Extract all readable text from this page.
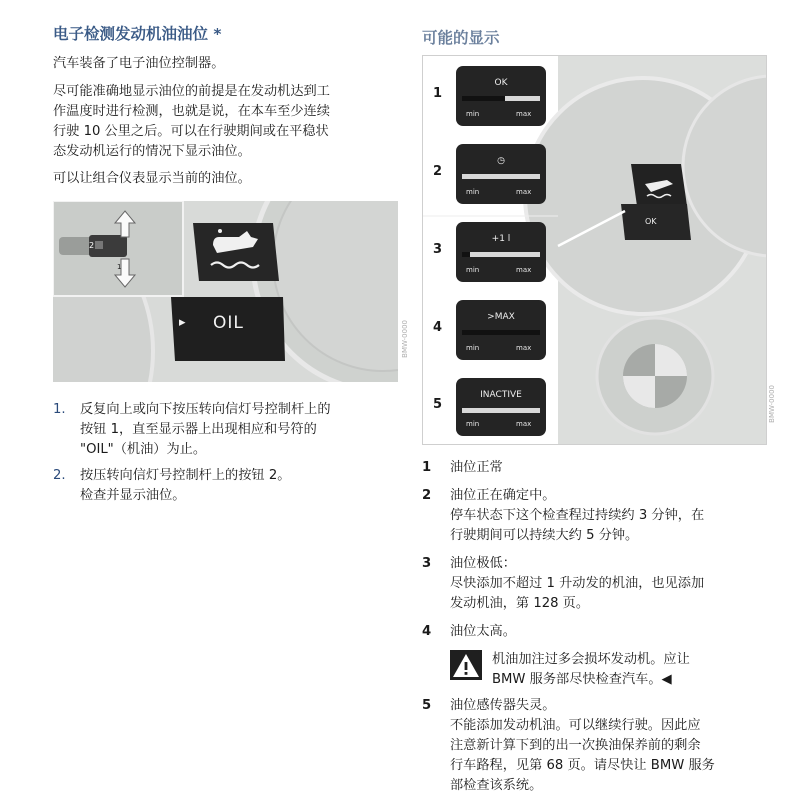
电子检测发动机油油位 *
汽车装备了电子油位控制器。
尽可能准确地显示油位的前提是在发动机达到工
作温度时进行检测，也就是说，在本车至少连续
行驶 10 公里之后。可以在行驶期间或在平稳状
态发动机运行的情况下显示油位。
可以让组合仪表显示当前的油位。
2
1
▸ OIL	BMW-0000
1. 反复向上或向下按压转向信灯号控制杆上的
按钮 1，直至显示器上出现相应和号符的
"OIL"（机油）为止。
2. 按压转向信灯号控制杆上的按钮 2。
检查并显示油位。
可能的显示
OK
min	max
◷
min	max
+1 l
min	max
>MAX
min	max
INACTIVE
min	max
1
2
3
4
5
OK
BMW-0000
1 油位正常
2 油位正在确定中。
停车状态下这个检查程过持续约 3 分钟，在
行驶期间可以持续大约 5 分钟。
3 油位极低：
尽快添加不超过 1 升动发的机油，也见添加
发动机油，第 128 页。
4 油位太高。
机油加注过多会损坏发动机。应让
BMW 服务部尽快检查汽车。◀
5 油位感传器失灵。
不能添加发动机油。可以继续行驶。因此应
注意新计算下到的出一次换油保养前的剩余
行车路程，见第 68 页。请尽快让 BMW 服务
部检查该系统。
